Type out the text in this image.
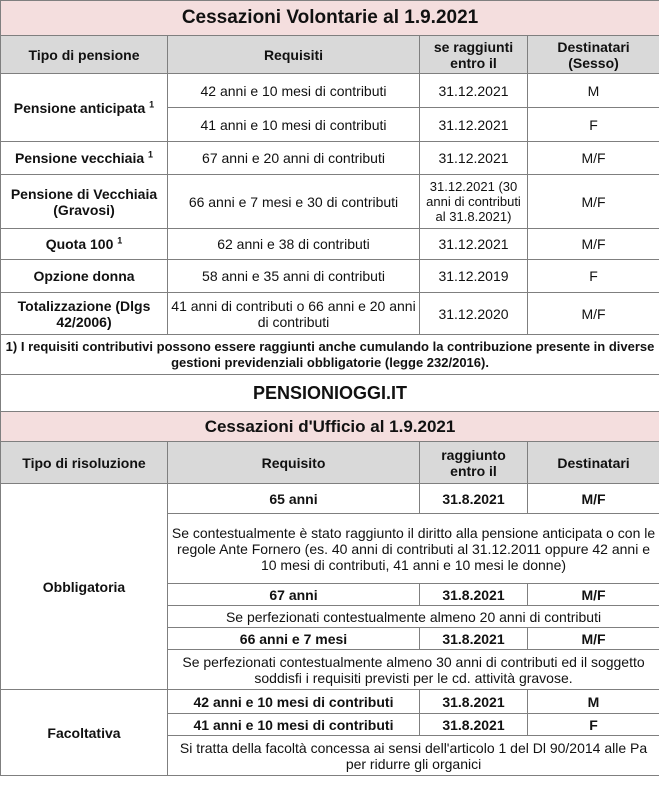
Cessazioni Volontarie al 1.9.2021			
Tipo di pensione	Requisiti	se raggiunti entro il	Destinatari (Sesso)
Pensione anticipata $^1$	42 anni e 10 mesi di contributi	31.12.2021	M
	41 anni e 10 mesi di contributi	31.12.2021	F
Pensione vecchiaia $^1$	67 anni e 20 anni di contributi	31.12.2021	M/F
Pensione di Vecchiaia (Gravosi)	66 anni e 7 mesi e 30 di contributi	31.12.2021 (30 anni di contributi al 31.8.2021)	M/F
Quota 100 $^1$	62 anni e 38 di contributi	31.12.2021	M/F
Opzione donna	58 anni e 35 anni di contributi	31.12.2019	F
Totalizzazione (Dlgs 42/2006)	41 anni di contributi o 66 anni e 20 anni di contributi	31.12.2020	M/F
1) I requisiti contributivi possono essere raggiunti anche cumulando la contribuzione presente in diverse gestioni previdenziali obbligatorie (legge 232/2016).			
PENSIONIOGGI.IT			
Cessazioni d'Ufficio al 1.9.2021			
Tipo di risoluzione	Requisito	raggiunto entro il	Destinatari
Obbligatoria	65 anni	31.8.2021	M/F
	Se contestualmente è stato raggiunto il diritto alla pensione anticipata o con le regole Ante Fornero (es. 40 anni di contributi al 31.12.2011 oppure 42 anni e 10 mesi di contributi, 41 anni e 10 mesi le donne)		
	67 anni	31.8.2021	M/F
	Se perfezionati contestualmente almeno 20 anni di contributi		
	66 anni e 7 mesi	31.8.2021	M/F
	Se perfezionati contestualmente almeno 30 anni di contributi ed il soggetto soddisfi i requisiti previsti per le cd. attività gravose.		
Facoltativa	42 anni e 10 mesi di contributi	31.8.2021	M
	41 anni e 10 mesi di contributi	31.8.2021	F
	Si tratta della facoltà concessa ai sensi dell'articolo 1 del Dl 90/2014 alle Pa per ridurre gli organici		
